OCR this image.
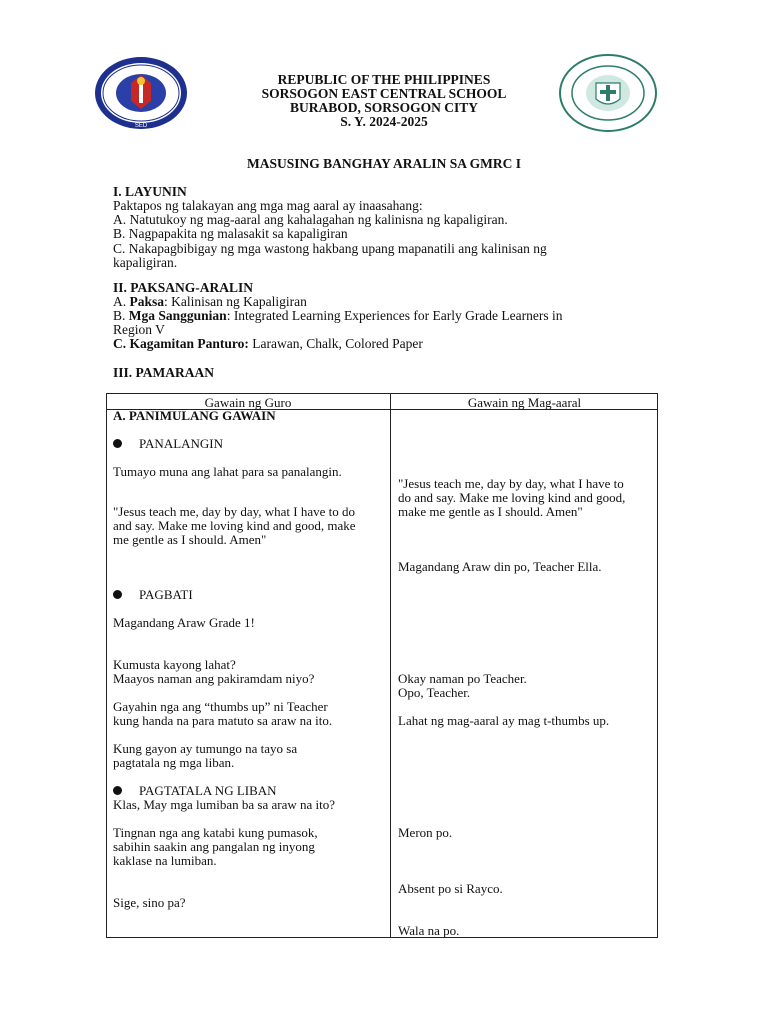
SED
REPUBLIC OF THE PHILIPPINES
SORSOGON EAST CENTRAL SCHOOL
BURABOD, SORSOGON CITY
S. Y. 2024-2025
MASUSING BANGHAY ARALIN SA GMRC I
I. LAYUNIN
Paktapos ng talakayan ang mga mag aaral ay inaasahang:
A. Natutukoy ng mag-aaral ang kahalagahan ng kalinisna ng kapaligiran.
B. Nagpapakita ng malasakit sa kapaligiran
C. Nakapagbibigay ng mga wastong hakbang upang mapanatili ang kalinisan ng
kapaligiran.
II. PAKSANG-ARALIN
A. Paksa: Kalinisan ng Kapaligiran
B. Mga Sanggunian: Integrated Learning Experiences for Early Grade Learners in
Region V
C. Kagamitan Panturo: Larawan, Chalk, Colored Paper
III. PAMARAAN
Gawain ng Guro	Gawain ng Mag-aaral
A. PANIMULANG GAWAIN
PANALANGIN
Tumayo muna ang lahat para sa panalangin.
"Jesus teach me, day by day, what I have to do
and say. Make me loving kind and good, make
me gentle as I should. Amen"
PAGBATI
Magandang Araw Grade 1!
Kumusta kayong lahat?
Maayos naman ang pakiramdam niyo?
Gayahin nga ang “thumbs up” ni Teacher
kung handa na para matuto sa araw na ito.
Kung gayon ay tumungo na tayo sa
pagtatala ng mga liban.
PAGTATALA NG LIBAN
Klas, May mga lumiban ba sa araw na ito?
Tingnan nga ang katabi kung pumasok,
sabihin saakin ang pangalan ng inyong
kaklase na lumiban.
Sige, sino pa?
"Jesus teach me, day by day, what I have to
do and say. Make me loving kind and good,
make me gentle as I should. Amen"
Magandang Araw din po, Teacher Ella.
Okay naman po Teacher.
Opo, Teacher.
Lahat ng mag-aaral ay mag t-thumbs up.
Meron po.
Absent po si Rayco.
Wala na po.
